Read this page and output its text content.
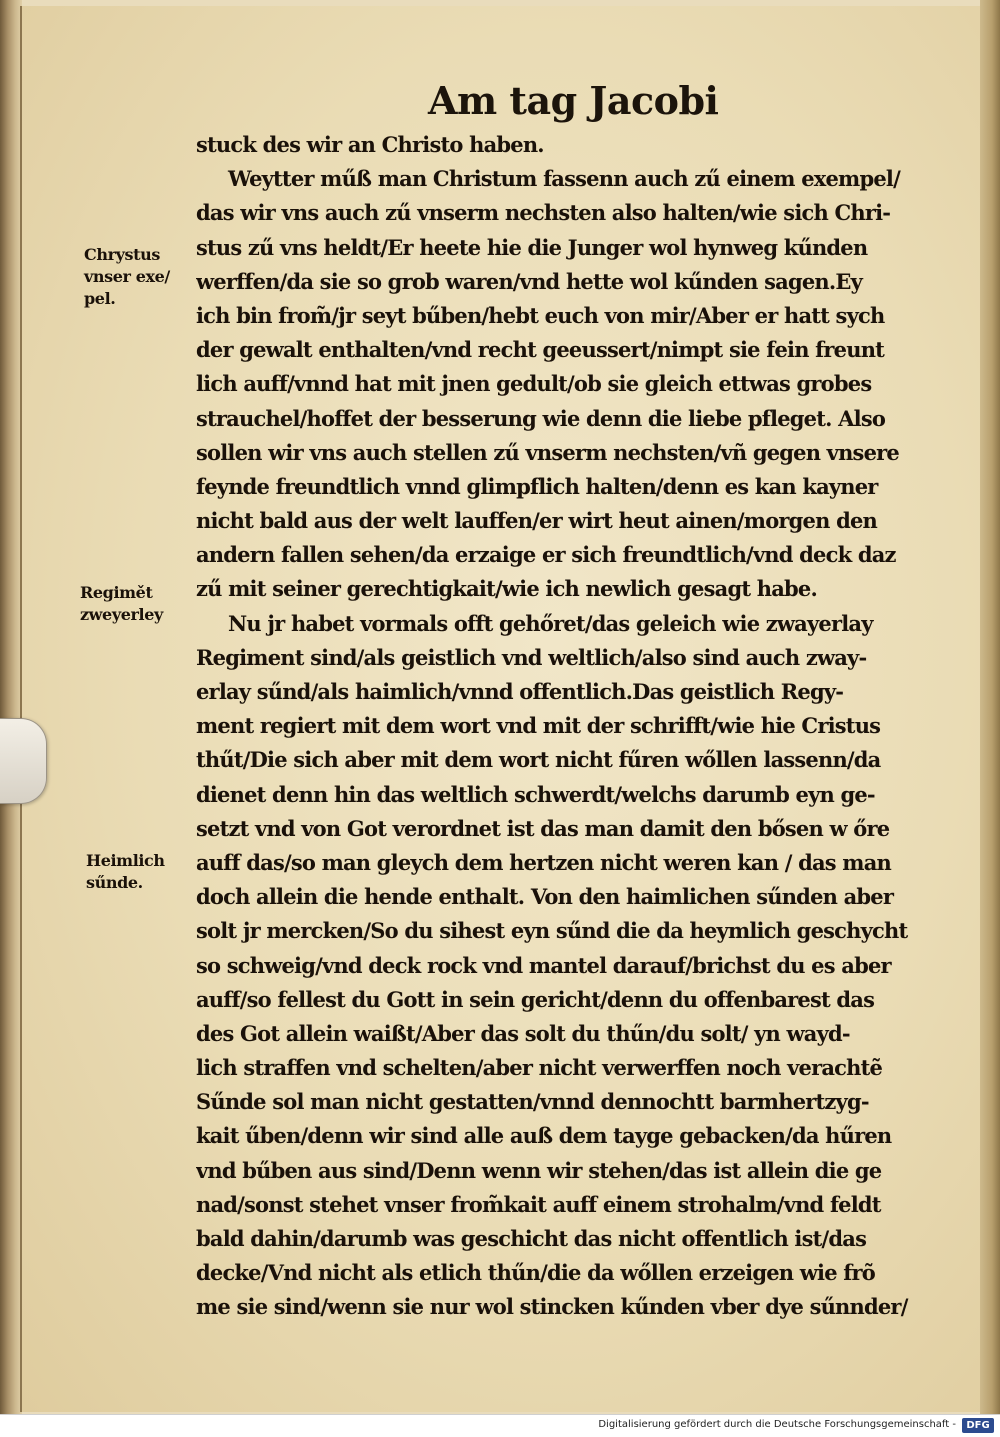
Am tag Jacobi
stuck des wir an Christo haben.
Weytter műß man Christum fassenn auch zű einem exempel/
das wir vns auch zű vnserm nechsten also halten/wie sich Chri-
stus zű vns heldt/Er heete hie die Junger wol hynweg kűnden
werffen/da sie so grob waren/vnd hette wol kűnden sagen.Ey
ich bin from̃/jr seyt bűben/hebt euch von mir/Aber er hatt sych
der gewalt enthalten/vnd recht geeussert/nimpt sie fein freunt
lich auff/vnnd hat mit jnen gedult/ob sie gleich ettwas grobes
strauchel/hoffet der besserung wie denn die liebe pfleget. Also
sollen wir vns auch stellen zű vnserm nechsten/vñ gegen vnsere
feynde freundtlich vnnd glimpflich halten/denn es kan kayner
nicht bald aus der welt lauffen/er wirt heut ainen/morgen den
andern fallen sehen/da erzaige er sich freundtlich/vnd deck daz
zű mit seiner gerechtigkait/wie ich newlich gesagt habe.
Nu jr habet vormals offt gehőret/das geleich wie zwayerlay
Regiment sind/als geistlich vnd weltlich/also sind auch zway-
erlay sűnd/als haimlich/vnnd offentlich.Das geistlich Regy-
ment regiert mit dem wort vnd mit der schrifft/wie hie Cristus
thűt/Die sich aber mit dem wort nicht fűren wőllen lassenn/da
dienet denn hin das weltlich schwerdt/welchs darumb eyn ge-
setzt vnd von Got verordnet ist das man damit den bősen w őre
auff das/so man gleych dem hertzen nicht weren kan / das man
doch allein die hende enthalt. Von den haimlichen sűnden aber
solt jr mercken/So du sihest eyn sűnd die da heymlich geschycht
so schweig/vnd deck rock vnd mantel darauf/brichst du es aber
auff/so fellest du Gott in sein gericht/denn du offenbarest das
des Got allein waißt/Aber das solt du thűn/du solt/ yn wayd-
lich straffen vnd schelten/aber nicht verwerffen noch verachtẽ
Sűnde sol man nicht gestatten/vnnd dennochtt barmhertzyg-
kait űben/denn wir sind alle auß dem tayge gebacken/da hűren
vnd bűben aus sind/Denn wenn wir stehen/das ist allein die ge
nad/sonst stehet vnser from̃kait auff einem strohalm/vnd feldt
bald dahin/darumb was geschicht das nicht offentlich ist/das
decke/Vnd nicht als etlich thűn/die da wőllen erzeigen wie frõ
me sie sind/wenn sie nur wol stincken kűnden vber dye sűnnder/
Chrystus
vnser exe/
pel.
Regimět
zweyerley
Heimlich
sűnde.
Digitalisierung gefördert durch die Deutsche Forschungsgemeinschaft -	DFG
